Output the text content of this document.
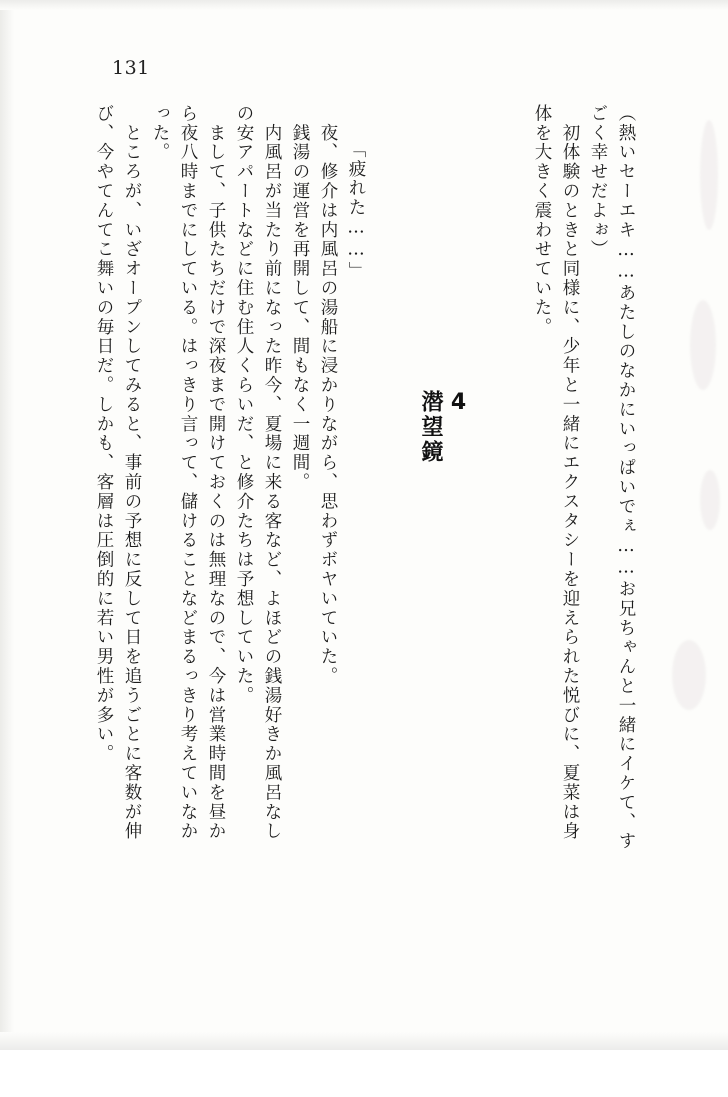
131
（熱いセーエキ……あたしのなかにいっぱいでぇ……お兄ちゃんと一緒にイケて、す
ごく幸せだよぉ）
　初体験のときと同様に、少年と一緒にエクスタシーを迎えられた悦びに、夏菜は身
体を大きく震わせていた。

4
潜望鏡

「疲れた……」
　夜、修介は内風呂の湯船に浸かりながら、思わずボヤいていた。
　銭湯の運営を再開して、間もなく一週間。
　内風呂が当たり前になった昨今、夏場に来る客など、よほどの銭湯好きか風呂なし
の安アパートなどに住む住人くらいだ、と修介たちは予想していた。
　まして、子供たちだけで深夜まで開けておくのは無理なので、今は営業時間を昼か
ら夜八時までにしている。はっきり言って、儲けることなどまるっきり考えていなか
った。
　ところが、いざオープンしてみると、事前の予想に反して日を追うごとに客数が伸
び、今やてんてこ舞いの毎日だ。しかも、客層は圧倒的に若い男性が多い。
